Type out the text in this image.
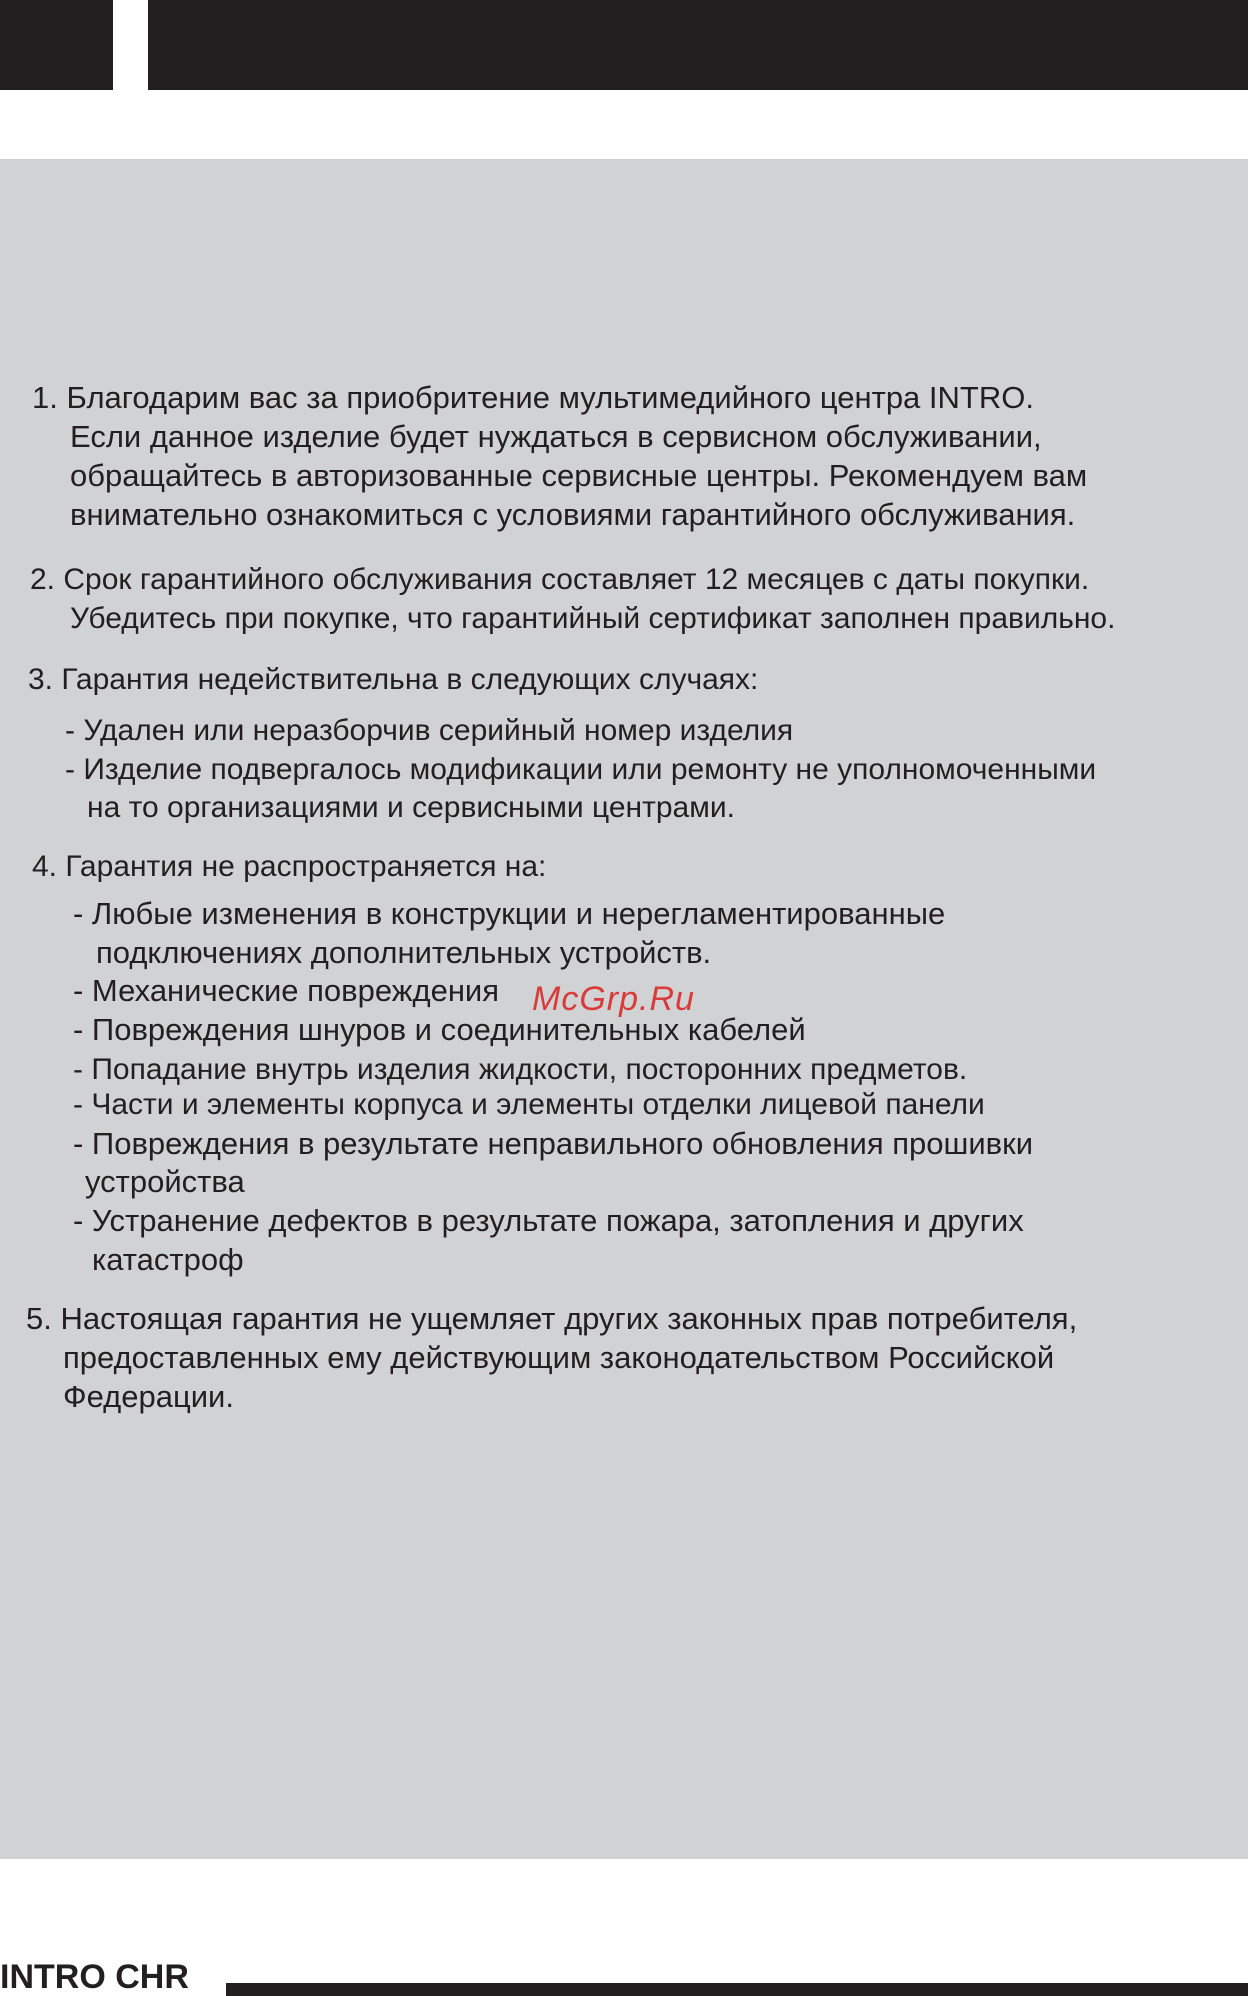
1. Благодарим вас за приобритение мультимедийного центра INTRO.
Если данное изделие будет нуждаться в сервисном обслуживании,
обращайтесь в авторизованные сервисные центры. Рекомендуем вам
внимательно ознакомиться с условиями гарантийного обслуживания.
2. Срок гарантийного обслуживания составляет 12 месяцев с даты покупки.
Убедитесь при покупке, что гарантийный сертификат заполнен правильно.
3. Гарантия недействительна в следующих случаях:
- Удален или неразборчив серийный номер изделия
- Изделие подвергалось модификации или ремонту не уполномоченными
на то организациями и сервисными центрами.
4. Гарантия не распространяется на:
- Любые изменения в конструкции и нерегламентированные
подключениях дополнительных устройств.
- Механические повреждения
- Повреждения шнуров и соединительных кабелей
- Попадание внутрь изделия жидкости, посторонних предметов.
- Части и элементы корпуса и элементы отделки лицевой панели
- Повреждения в результате неправильного обновления прошивки
устройства
- Устранение дефектов в результате пожара, затопления и других
катастроф
5. Настоящая гарантия не ущемляет других законных прав потребителя,
предоставленных ему действующим законодательством Российской
Федерации.
McGrp.Ru
INTRO CHR
